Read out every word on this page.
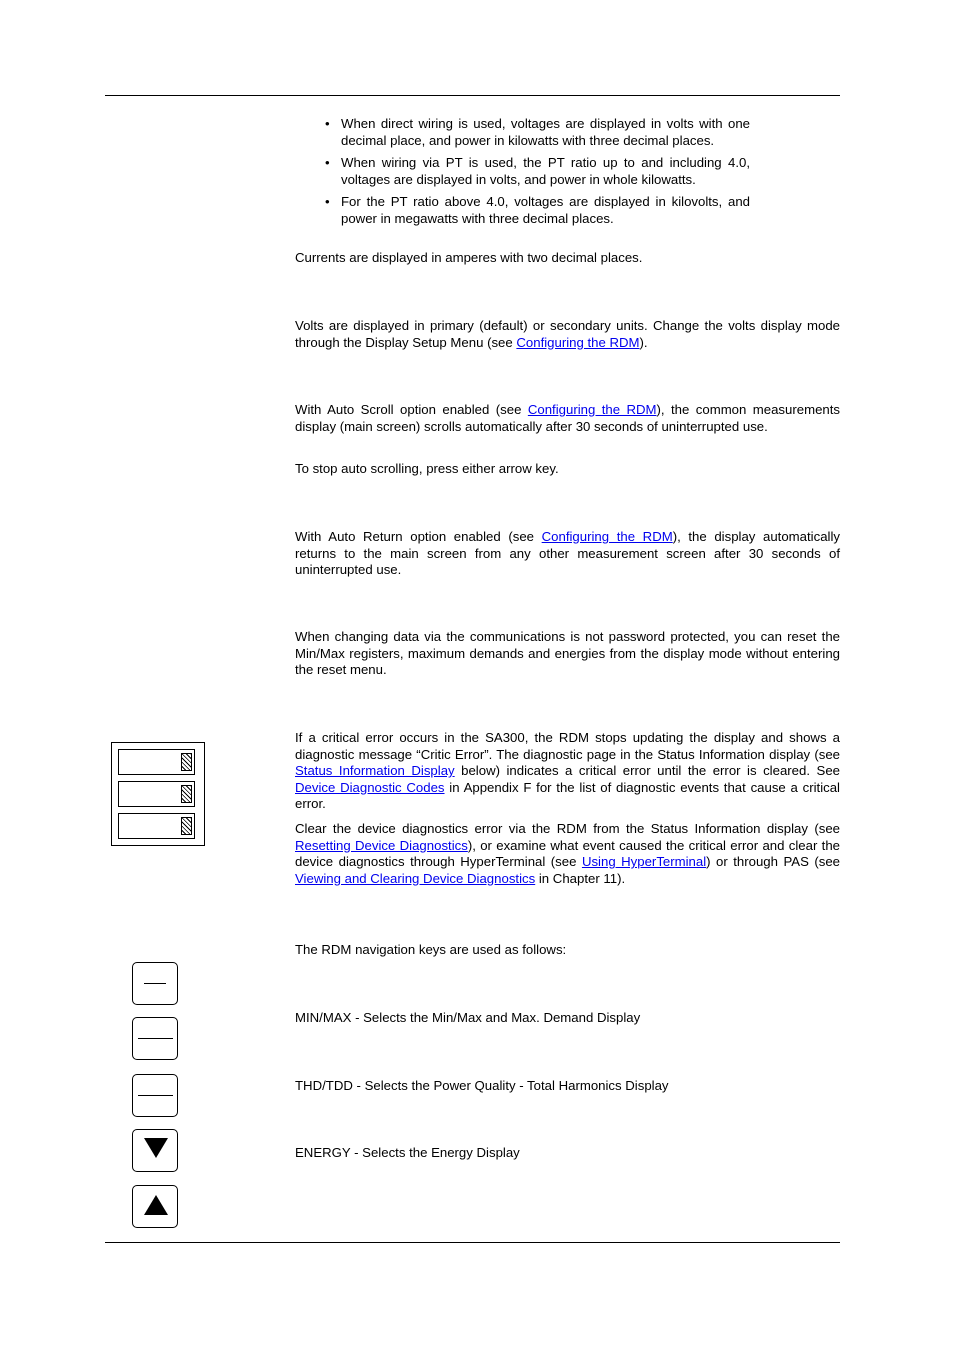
• When direct wiring is used, voltages are displayed in volts with one decimal place, and power in kilowatts with three decimal places.
• When wiring via PT is used, the PT ratio up to and including 4.0, voltages are displayed in volts, and power in whole kilowatts.
• For the PT ratio above 4.0, voltages are displayed in kilovolts, and power in megawatts with three decimal places.

Currents are displayed in amperes with two decimal places.

Volts are displayed in primary (default) or secondary units. Change the volts display mode through the Display Setup Menu (see Configuring the RDM).

With Auto Scroll option enabled (see Configuring the RDM), the common measurements display (main screen) scrolls automatically after 30 seconds of uninterrupted use.

To stop auto scrolling, press either arrow key.

With Auto Return option enabled (see Configuring the RDM), the display automatically returns to the main screen from any other measurement screen after 30 seconds of uninterrupted use.

When changing data via the communications is not password protected, you can reset the Min/Max registers, maximum demands and energies from the display mode without entering the reset menu.

If a critical error occurs in the SA300, the RDM stops updating the display and shows a diagnostic message “Critic Error”. The diagnostic page in the Status Information display (see Status Information Display below) indicates a critical error until the error is cleared. See Device Diagnostic Codes in Appendix F for the list of diagnostic events that cause a critical error.

Clear the device diagnostics error via the RDM from the Status Information display (see Resetting Device Diagnostics), or examine what event caused the critical error and clear the device diagnostics through HyperTerminal (see Using HyperTerminal) or through PAS (see Viewing and Clearing Device Diagnostics in Chapter 11).

The RDM navigation keys are used as follows:

MIN/MAX - Selects the Min/Max and Max. Demand Display

THD/TDD - Selects the Power Quality - Total Harmonics Display

ENERGY - Selects the Energy Display
